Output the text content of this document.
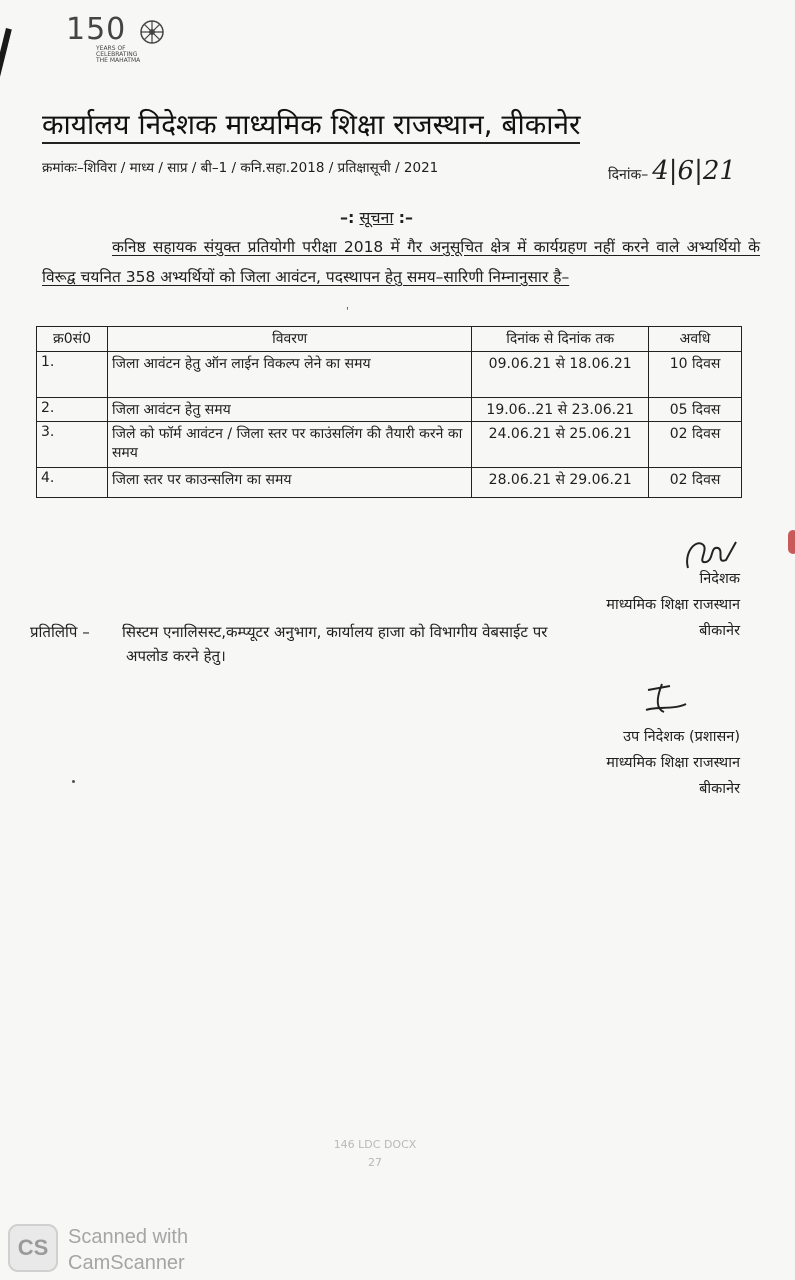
150
YEARS OF
CELEBRATING
THE MAHATMA
कार्यालय निदेशक माध्यमिक शिक्षा राजस्थान, बीकानेर
क्रमांकः–शिविरा / माध्य / साप्र / बी–1 / कनि.सहा.2018 / प्रतिक्षासूची / 2021	दिनांक– 4|6|21
–: सूचना :–
कनिष्ठ सहायक संयुक्त प्रतियोगी परीक्षा 2018 में गैर अनुसूचित क्षेत्र में कार्यग्रहण नहीं करने वाले अभ्यर्थियो के विरूद्व चयनित 358 अभ्यर्थियों को जिला आवंटन, पदस्थापन हेतु समय–सारिणी निम्नानुसार है–
'
क्र0सं0	विवरण	दिनांक से दिनांक तक	अवधि
1.	जिला आवंटन हेतु ऑन लाईन विकल्प लेने का समय	09.06.21 से 18.06.21	10 दिवस
2.	जिला आवंटन हेतु समय	19.06..21 से 23.06.21	05 दिवस
3.	जिले को फॉर्म आवंटन / जिला स्तर पर काउंसलिंग की तैयारी करने का समय	24.06.21 से 25.06.21	02 दिवस
4.	जिला स्तर पर काउन्सलिग का समय	28.06.21 से 29.06.21	02 दिवस
निदेशक
माध्यमिक शिक्षा राजस्थान
बीकानेर
प्रतिलिपि – सिस्टम एनालिसस्ट,कम्प्यूटर अनुभाग, कार्यालय हाजा को विभागीय वेबसाईट पर
अपलोड करने हेतु।
उप निदेशक (प्रशासन)
माध्यमिक शिक्षा राजस्थान
बीकानेर
146 LDC DOCX
27
CS Scanned with
CamScanner
